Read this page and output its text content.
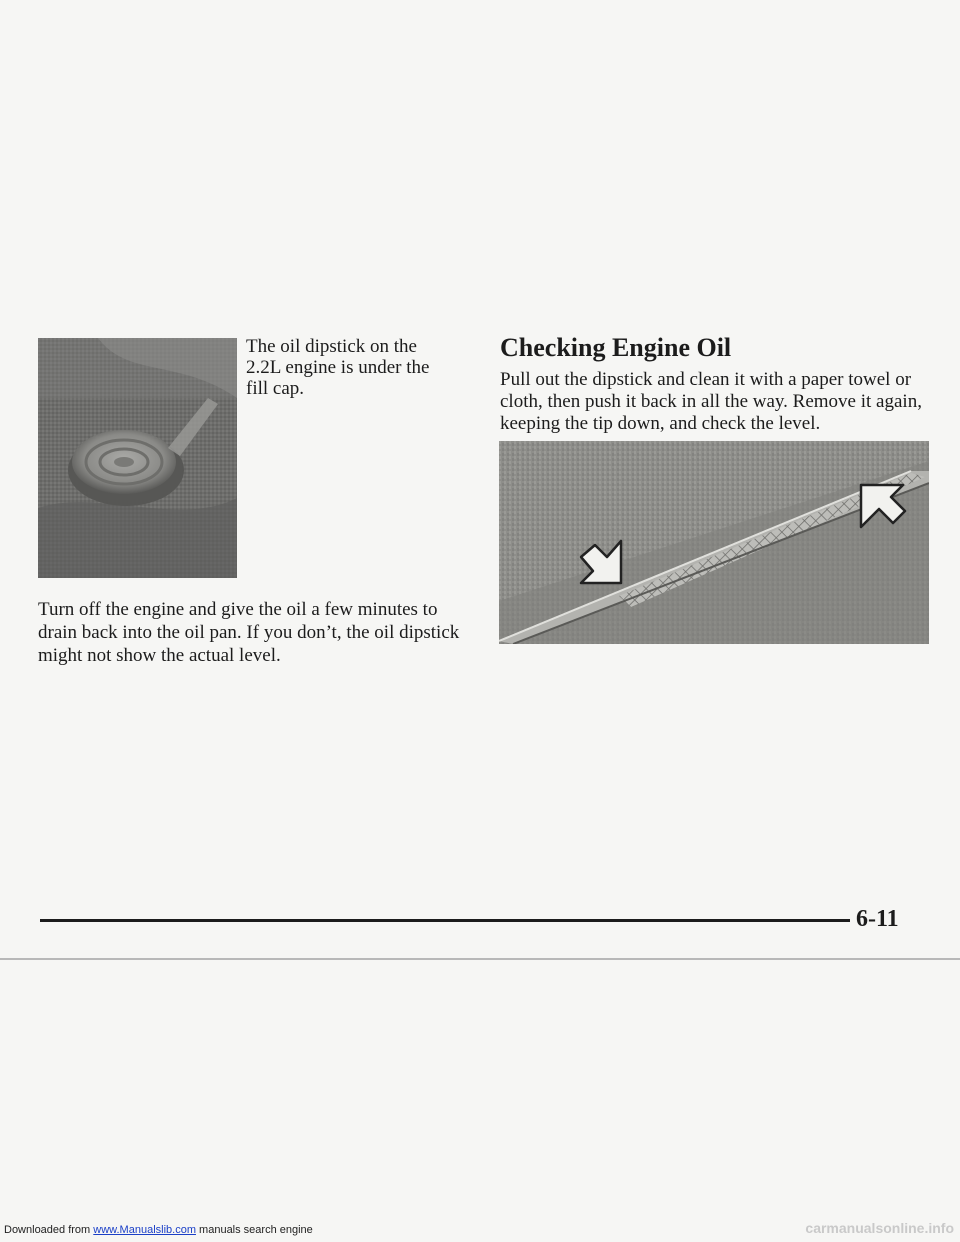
The oil dipstick on the 2.2L engine is under the fill cap.

Turn off the engine and give the oil a few minutes to drain back into the oil pan. If you don’t, the oil dipstick might not show the actual level.

Checking Engine Oil

Pull out the dipstick and clean it with a paper towel or cloth, then push it back in all the way. Remove it again, keeping the tip down, and check the level.

6-11

Downloaded from www.Manualslib.com manuals search engine	carmanualsonline.info
